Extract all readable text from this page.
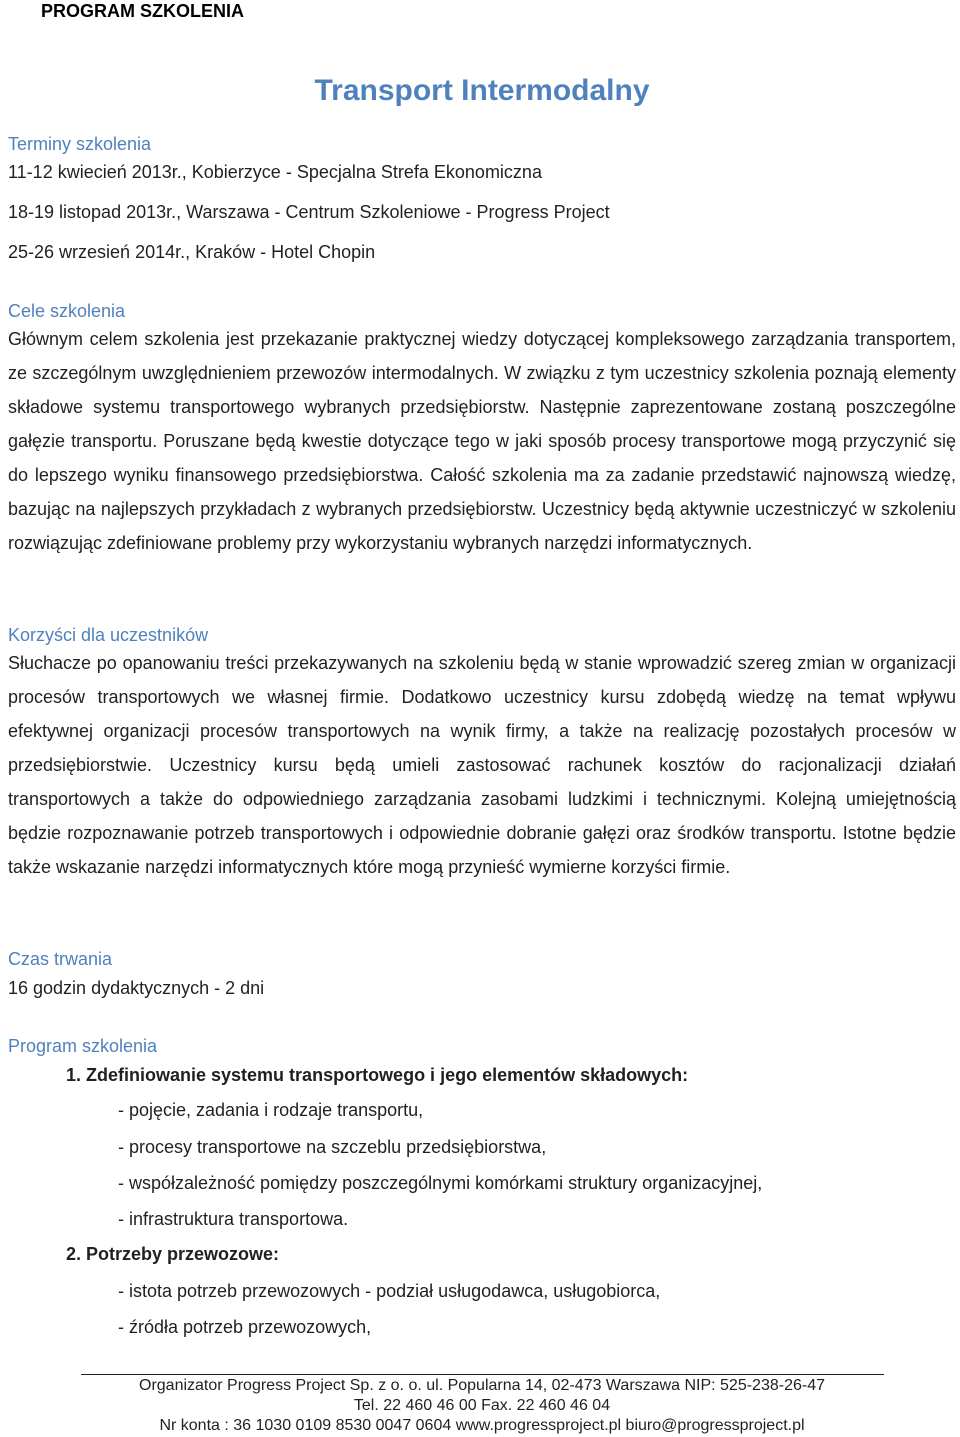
PROGRAM SZKOLENIA
Transport Intermodalny
Terminy szkolenia

11-12 kwiecień 2013r., Kobierzyce - Specjalna Strefa Ekonomiczna

18-19 listopad 2013r., Warszawa - Centrum Szkoleniowe - Progress Project

25-26 wrzesień 2014r., Kraków - Hotel Chopin

Cele szkolenia

Głównym celem szkolenia jest przekazanie praktycznej wiedzy dotyczącej kompleksowego zarządzania transportem, ze szczególnym uwzględnieniem przewozów intermodalnych. W związku z tym uczestnicy szkolenia poznają elementy składowe systemu transportowego wybranych przedsiębiorstw. Następnie zaprezentowane zostaną poszczególne gałęzie transportu. Poruszane będą kwestie dotyczące tego w jaki sposób procesy transportowe mogą przyczynić się do lepszego wyniku finansowego przedsiębiorstwa. Całość szkolenia ma za zadanie przedstawić najnowszą wiedzę, bazując na najlepszych przykładach z wybranych przedsiębiorstw. Uczestnicy będą aktywnie uczestniczyć w szkoleniu rozwiązując zdefiniowane problemy przy wykorzystaniu wybranych narzędzi informatycznych.

Korzyści dla uczestników

Słuchacze po opanowaniu treści przekazywanych na szkoleniu będą w stanie wprowadzić szereg zmian w organizacji procesów transportowych we własnej firmie. Dodatkowo uczestnicy kursu zdobędą wiedzę na temat wpływu efektywnej organizacji procesów transportowych na wynik firmy, a także na realizację pozostałych procesów w przedsiębiorstwie. Uczestnicy kursu będą umieli zastosować rachunek kosztów do racjonalizacji działań transportowych a także do odpowiedniego zarządzania zasobami ludzkimi i technicznymi. Kolejną umiejętnością będzie rozpoznawanie potrzeb transportowych i odpowiednie dobranie gałęzi oraz środków transportu. Istotne będzie także wskazanie narzędzi informatycznych które mogą przynieść wymierne korzyści firmie.

Czas trwania

16 godzin dydaktycznych - 2 dni

Program szkolenia
1. Zdefiniowanie systemu transportowego i jego elementów składowych:
- pojęcie, zadania i rodzaje transportu,
- procesy transportowe na szczeblu przedsiębiorstwa,
- współzależność pomiędzy poszczególnymi komórkami struktury organizacyjnej,
- infrastruktura transportowa.
2. Potrzeby przewozowe:
- istota potrzeb przewozowych - podział usługodawca, usługobiorca,
- źródła potrzeb przewozowych,
Organizator Progress Project Sp. z o. o. ul. Popularna 14, 02-473 Warszawa NIP: 525-238-26-47
Tel. 22 460 46 00 Fax. 22 460 46 04
Nr konta : 36 1030 0109 8530 0047 0604 www.progressproject.pl biuro@progressproject.pl
